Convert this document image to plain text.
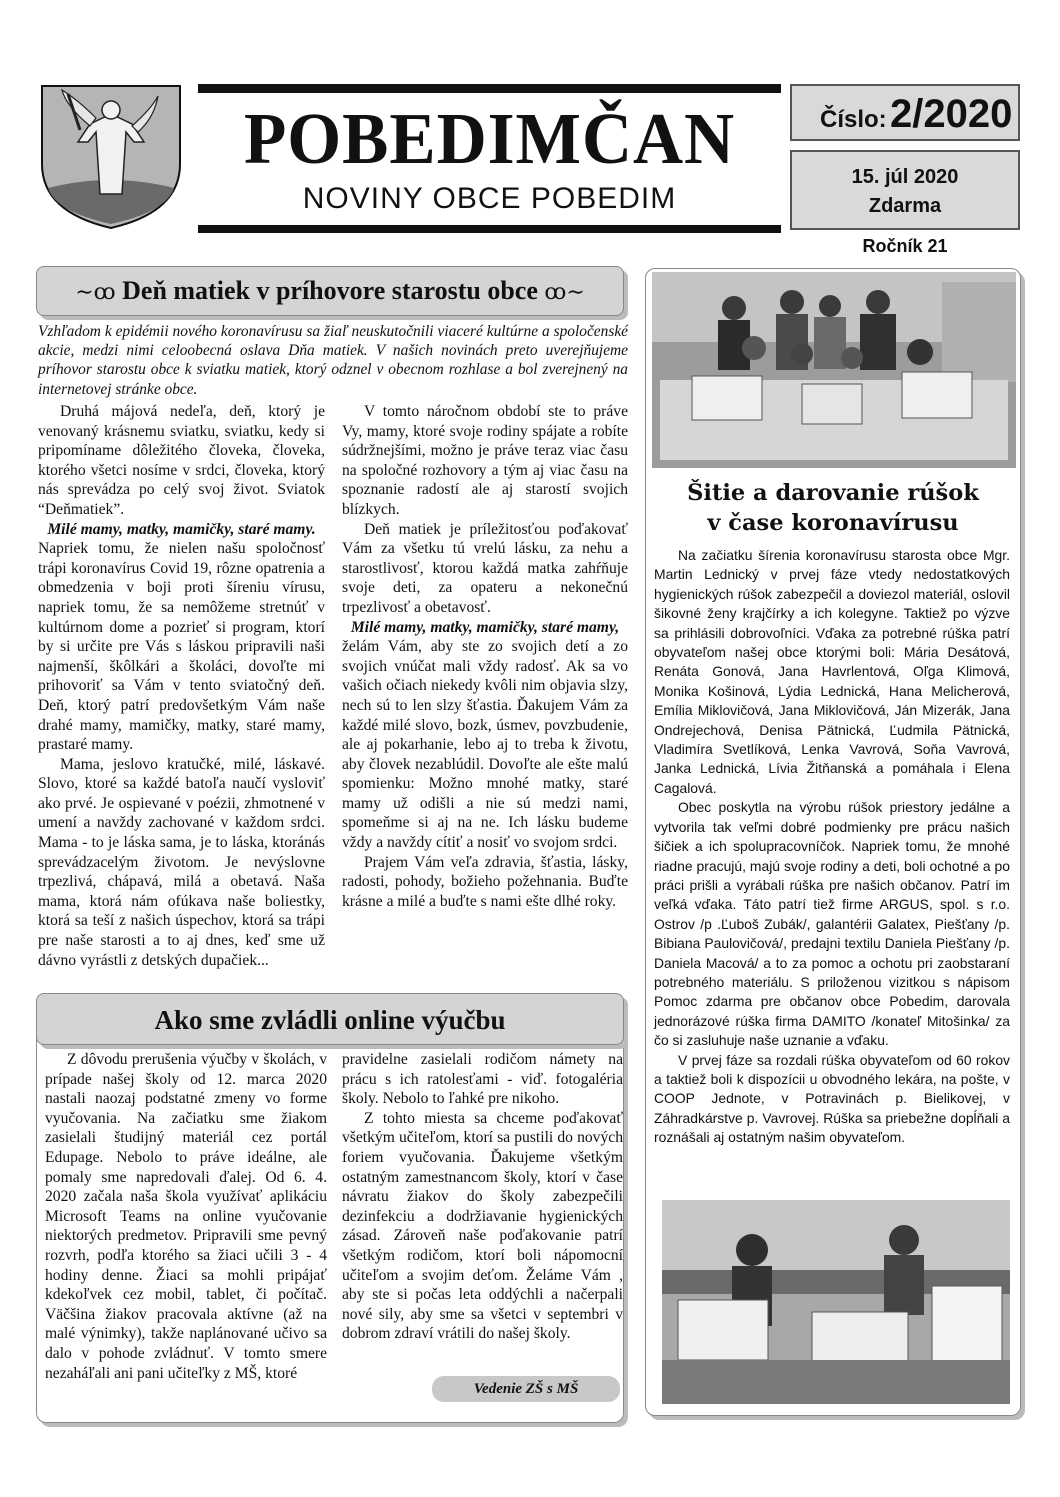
POBEDIMČAN
NOVINY OBCE POBEDIM
Číslo: 2/2020
15. júl 2020
Zdarma
Ročník 21
∼ꝏ Deň matiek v príhovore starostu obce ꝏ∼
Vzhľadom k epidémii nového koronavírusu sa žiaľ neuskutočnili viaceré kultúrne a spoločenské akcie, medzi nimi celoobecná oslava Dňa matiek. V našich novinách preto uverejňujeme príhovor starostu obce k sviatku matiek, ktorý odznel v obecnom rozhlase a bol zverejnený na internetovej stránke obce.

Druhá májová nedeľa, deň, ktorý je venovaný krásnemu sviatku, sviatku, kedy si pripomíname dôležitého človeka, človeka, ktorého všetci nosíme v srdci, človeka, ktorý nás sprevádza po celý svoj život. Sviatok “Deňmatiek”.

Milé mamy, matky, mamičky, staré mamy.

Napriek tomu, že nielen našu spoločnosť trápi koronavírus Covid 19, rôzne opatrenia a obmedzenia v boji proti šíreniu vírusu, napriek tomu, že sa nemôžeme stretnúť v kultúrnom dome a pozrieť si program, ktorí by si určite pre Vás s láskou pripravili naši najmenší, škôlkári a školáci, dovoľte mi prihovoriť sa Vám v tento sviatočný deň. Deň, ktorý patrí predovšetkým Vám naše drahé mamy, mamičky, matky, staré mamy, prastaré mamy.

Mama, jeslovo kratučké, milé, láskavé. Slovo, ktoré sa každé batoľa naučí vysloviť ako prvé. Je ospievané v poézii, zhmotnené v umení a navždy zachované v každom srdci. Mama - to je láska sama, je to láska, ktoránás sprevádzacelým životom. Je nevýslovne trpezlivá, chápavá, milá a obetavá. Naša mama, ktorá nám ofúkava naše boliestky, ktorá sa teší z našich úspechov, ktorá sa trápi pre naše starosti a to aj dnes, keď sme už dávno vyrástli z detských dupačiek...

V tomto náročnom období ste to práve Vy, mamy, ktoré svoje rodiny spájate a robíte súdržnejšími, možno je práve teraz viac času na spoločné rozhovory a tým aj viac času na spoznanie radostí ale aj starostí svojich blízkych.

Deň matiek je príležitosťou poďakovať Vám za všetku tú vrelú lásku, za nehu a starostlivosť, ktorou každá matka zahŕňuje svoje deti, za opateru a nekonečnú trpezlivosť a obetavosť.

Milé mamy, matky, mamičky, staré mamy,

želám Vám, aby ste zo svojich detí a zo svojich vnúčat mali vždy radosť. Ak sa vo vašich očiach niekedy kvôli nim objavia slzy, nech sú to len slzy šťastia. Ďakujem Vám za každé milé slovo, bozk, úsmev, povzbudenie, ale aj pokarhanie, lebo aj to treba k životu, aby človek nezablúdil. Dovoľte ale ešte malú spomienku: Možno mnohé matky, staré mamy už odišli a nie sú medzi nami, spomeňme si aj na ne. Ich lásku budeme vždy a navždy cítiť a nosiť vo svojom srdci.

Prajem Vám veľa zdravia, šťastia, lásky, radosti, pohody, božieho požehnania. Buďte krásne a milé a buďte s nami ešte dlhé roky.

Ako sme zvládli online výučbu

Z dôvodu prerušenia výučby v školách, v prípade našej školy od 12. marca 2020 nastali naozaj podstatné zmeny vo forme vyučovania. Na začiatku sme žiakom zasielali študijný materiál cez portál Edupage. Nebolo to práve ideálne, ale pomaly sme napredovali ďalej. Od 6. 4. 2020 začala naša škola využívať aplikáciu Microsoft Teams na online vyučovanie niektorých predmetov. Pripravili sme pevný rozvrh, podľa ktorého sa žiaci učili 3 - 4 hodiny denne. Žiaci sa mohli pripájať kdekoľvek cez mobil, tablet, či počítač. Väčšina žiakov pracovala aktívne (až na malé výnimky), takže naplánované učivo sa dalo v pohode zvládnuť. V tomto smere nezaháľali ani pani učiteľky z MŠ, ktoré

pravidelne zasielali rodičom námety na prácu s ich ratolesťami - viď. fotogaléria školy. Nebolo to ľahké pre nikoho.

Z tohto miesta sa chceme poďakovať všetkým učiteľom, ktorí sa pustili do nových foriem vyučovania. Ďakujeme všetkým ostatným zamestnancom školy, ktorí v čase návratu žiakov do školy zabezpečili dezinfekciu a dodržiavanie hygienických zásad. Zároveň naše poďakovanie patrí všetkým rodičom, ktorí boli nápomocní učiteľom a svojim deťom. Želáme Vám , aby ste si počas leta oddýchli a načerpali nové sily, aby sme sa všetci v septembri v dobrom zdraví vrátili do našej školy.

Vedenie ZŠ s MŠ
Šitie a darovanie rúšok
v čase koronavírusu

Na začiatku šírenia koronavírusu starosta obce Mgr. Martin Lednický v prvej fáze vtedy nedostatkových hygienických rúšok zabezpečil a doviezol materiál, oslovil šikovné ženy krajčírky a ich kolegyne. Taktiež po výzve sa prihlásili dobrovoľníci. Vďaka za potrebné rúška patrí obyvateľom našej obce ktorými boli: Mária Desátová, Renáta Gonová, Jana Havrlentová, Oľga Klimová, Monika Košinová, Lýdia Lednická, Hana Melicherová, Emília Miklovičová, Jana Miklovičová, Ján Mizerák, Jana Ondrejechová, Denisa Pätnická, Ľudmila Pätnická, Vladimíra Svetlíková, Lenka Vavrová, Soňa Vavrová, Janka Lednická, Lívia Žitňanská a pomáhala i Elena Cagalová.

Obec poskytla na výrobu rúšok priestory jedálne a vytvorila tak veľmi dobré podmienky pre prácu našich šičiek a ich spolupracovníčok. Napriek tomu, že mnohé riadne pracujú, majú svoje rodiny a deti, boli ochotné a po práci prišli a vyrábali rúška pre našich občanov. Patrí im veľká vďaka. Táto patrí tiež firme ARGUS, spol. s r.o. Ostrov /p .Ľuboš Zubák/, galantérii Galatex, Piešťany /p. Bibiana Paulovičová/, predajni textilu Daniela Piešťany /p. Daniela Macová/ a to za pomoc a ochotu pri zaobstaraní potrebného materiálu. S priloženou vizitkou s nápisom Pomoc zdarma pre občanov obce Pobedim, darovala jednorázové rúška firma DAMITO /konateľ Mitošinka/ za čo si zasluhuje naše uznanie a vďaku.

V prvej fáze sa rozdali rúška obyvateľom od 60 rokov a taktiež boli k dispozícii u obvodného lekára, na pošte, v COOP Jednote, v Potravinách p. Bielikovej, v Záhradkárstve p. Vavrovej. Rúška sa priebežne dopĺňali a roznášali aj ostatným našim obyvateľom.
